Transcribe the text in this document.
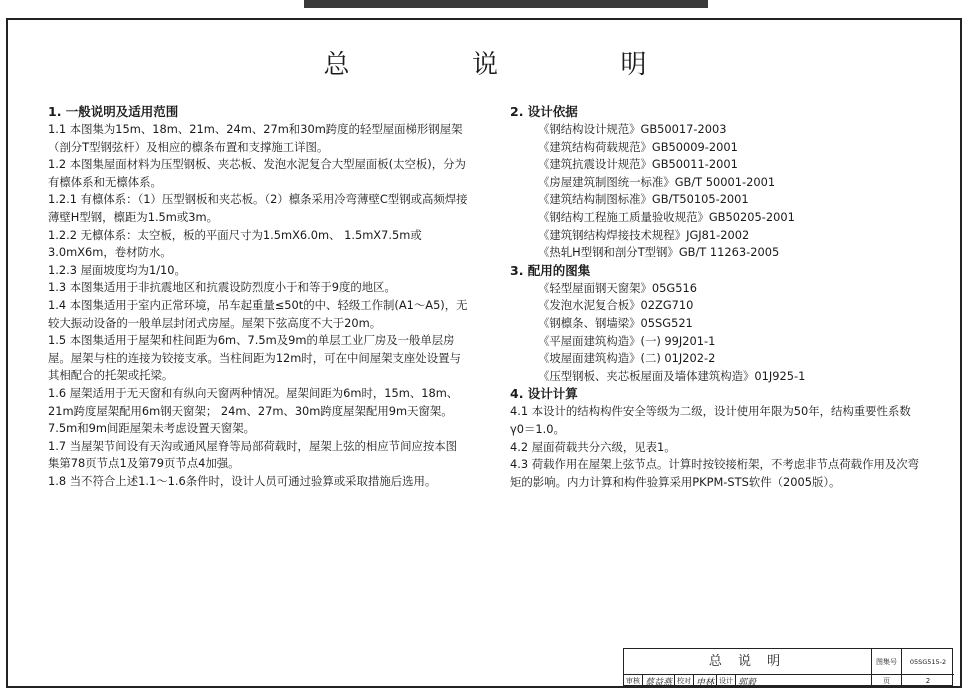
总	说	明
1. 一般说明及适用范围

1.1 本图集为15m、18m、21m、24m、27m和30m跨度的轻型屋面梯形钢屋架（剖分T型钢弦杆）及相应的檩条布置和支撑施工详图。

1.2 本图集屋面材料为压型钢板、夹芯板、发泡水泥复合大型屋面板(太空板)，分为有檩体系和无檩体系。

1.2.1 有檩体系：（1）压型钢板和夹芯板。（2）檩条采用冷弯薄壁C型钢或高频焊接薄壁H型钢，檩距为1.5m或3m。

1.2.2 无檩体系：太空板，板的平面尺寸为1.5mX6.0m、 1.5mX7.5m或3.0mX6m，卷材防水。

1.2.3 屋面坡度均为1/10。

1.3 本图集适用于非抗震地区和抗震设防烈度小于和等于9度的地区。

1.4 本图集适用于室内正常环境，吊车起重量≤50t的中、轻级工作制(A1～A5)，无较大振动设备的一般单层封闭式房屋。屋架下弦高度不大于20m。

1.5 本图集适用于屋架和柱间距为6m、7.5m及9m的单层工业厂房及一般单层房屋。屋架与柱的连接为铰接支承。当柱间距为12m时，可在中间屋架支座处设置与其相配合的托架或托梁。

1.6 屋架适用于无天窗和有纵向天窗两种情况。屋架间距为6m时，15m、18m、 21m跨度屋架配用6m钢天窗架； 24m、27m、30m跨度屋架配用9m天窗架。7.5m和9m间距屋架未考虑设置天窗架。

1.7 当屋架节间设有天沟或通风屋脊等局部荷载时，屋架上弦的相应节间应按本图集第78页节点1及第79页节点4加强。

1.8 当不符合上述1.1～1.6条件时，设计人员可通过验算或采取措施后选用。

2. 设计依据
《钢结构设计规范》GB50017-2003
《建筑结构荷载规范》GB50009-2001
《建筑抗震设计规范》GB50011-2001
《房屋建筑制图统一标准》GB/T 50001-2001
《建筑结构制图标准》GB/T50105-2001
《钢结构工程施工质量验收规范》GB50205-2001
《建筑钢结构焊接技术规程》JGJ81-2002
《热轧H型钢和剖分T型钢》GB/T 11263-2005
3. 配用的图集
《轻型屋面钢天窗架》05G516
《发泡水泥复合板》02ZG710
《钢檩条、钢墙梁》05SG521
《平屋面建筑构造》(一) 99J201-1
《坡屋面建筑构造》(二) 01J202-2
《压型钢板、夹芯板屋面及墙体建筑构造》01J925-1
4. 设计计算

4.1 本设计的结构构件安全等级为二级，设计使用年限为50年，结构重要性系数γ0＝1.0。

4.2 屋面荷载共分六级，见表1。

4.3 荷载作用在屋架上弦节点。计算时按铰接桁架，不考虑非节点荷载作用及次弯矩的影响。内力计算和构件验算采用PKPM-STS软件（2005版）。

总 说 明
审核 蔡益燕 校对 申林 设计 郭毅
图集号	05SG515-2
页	2
